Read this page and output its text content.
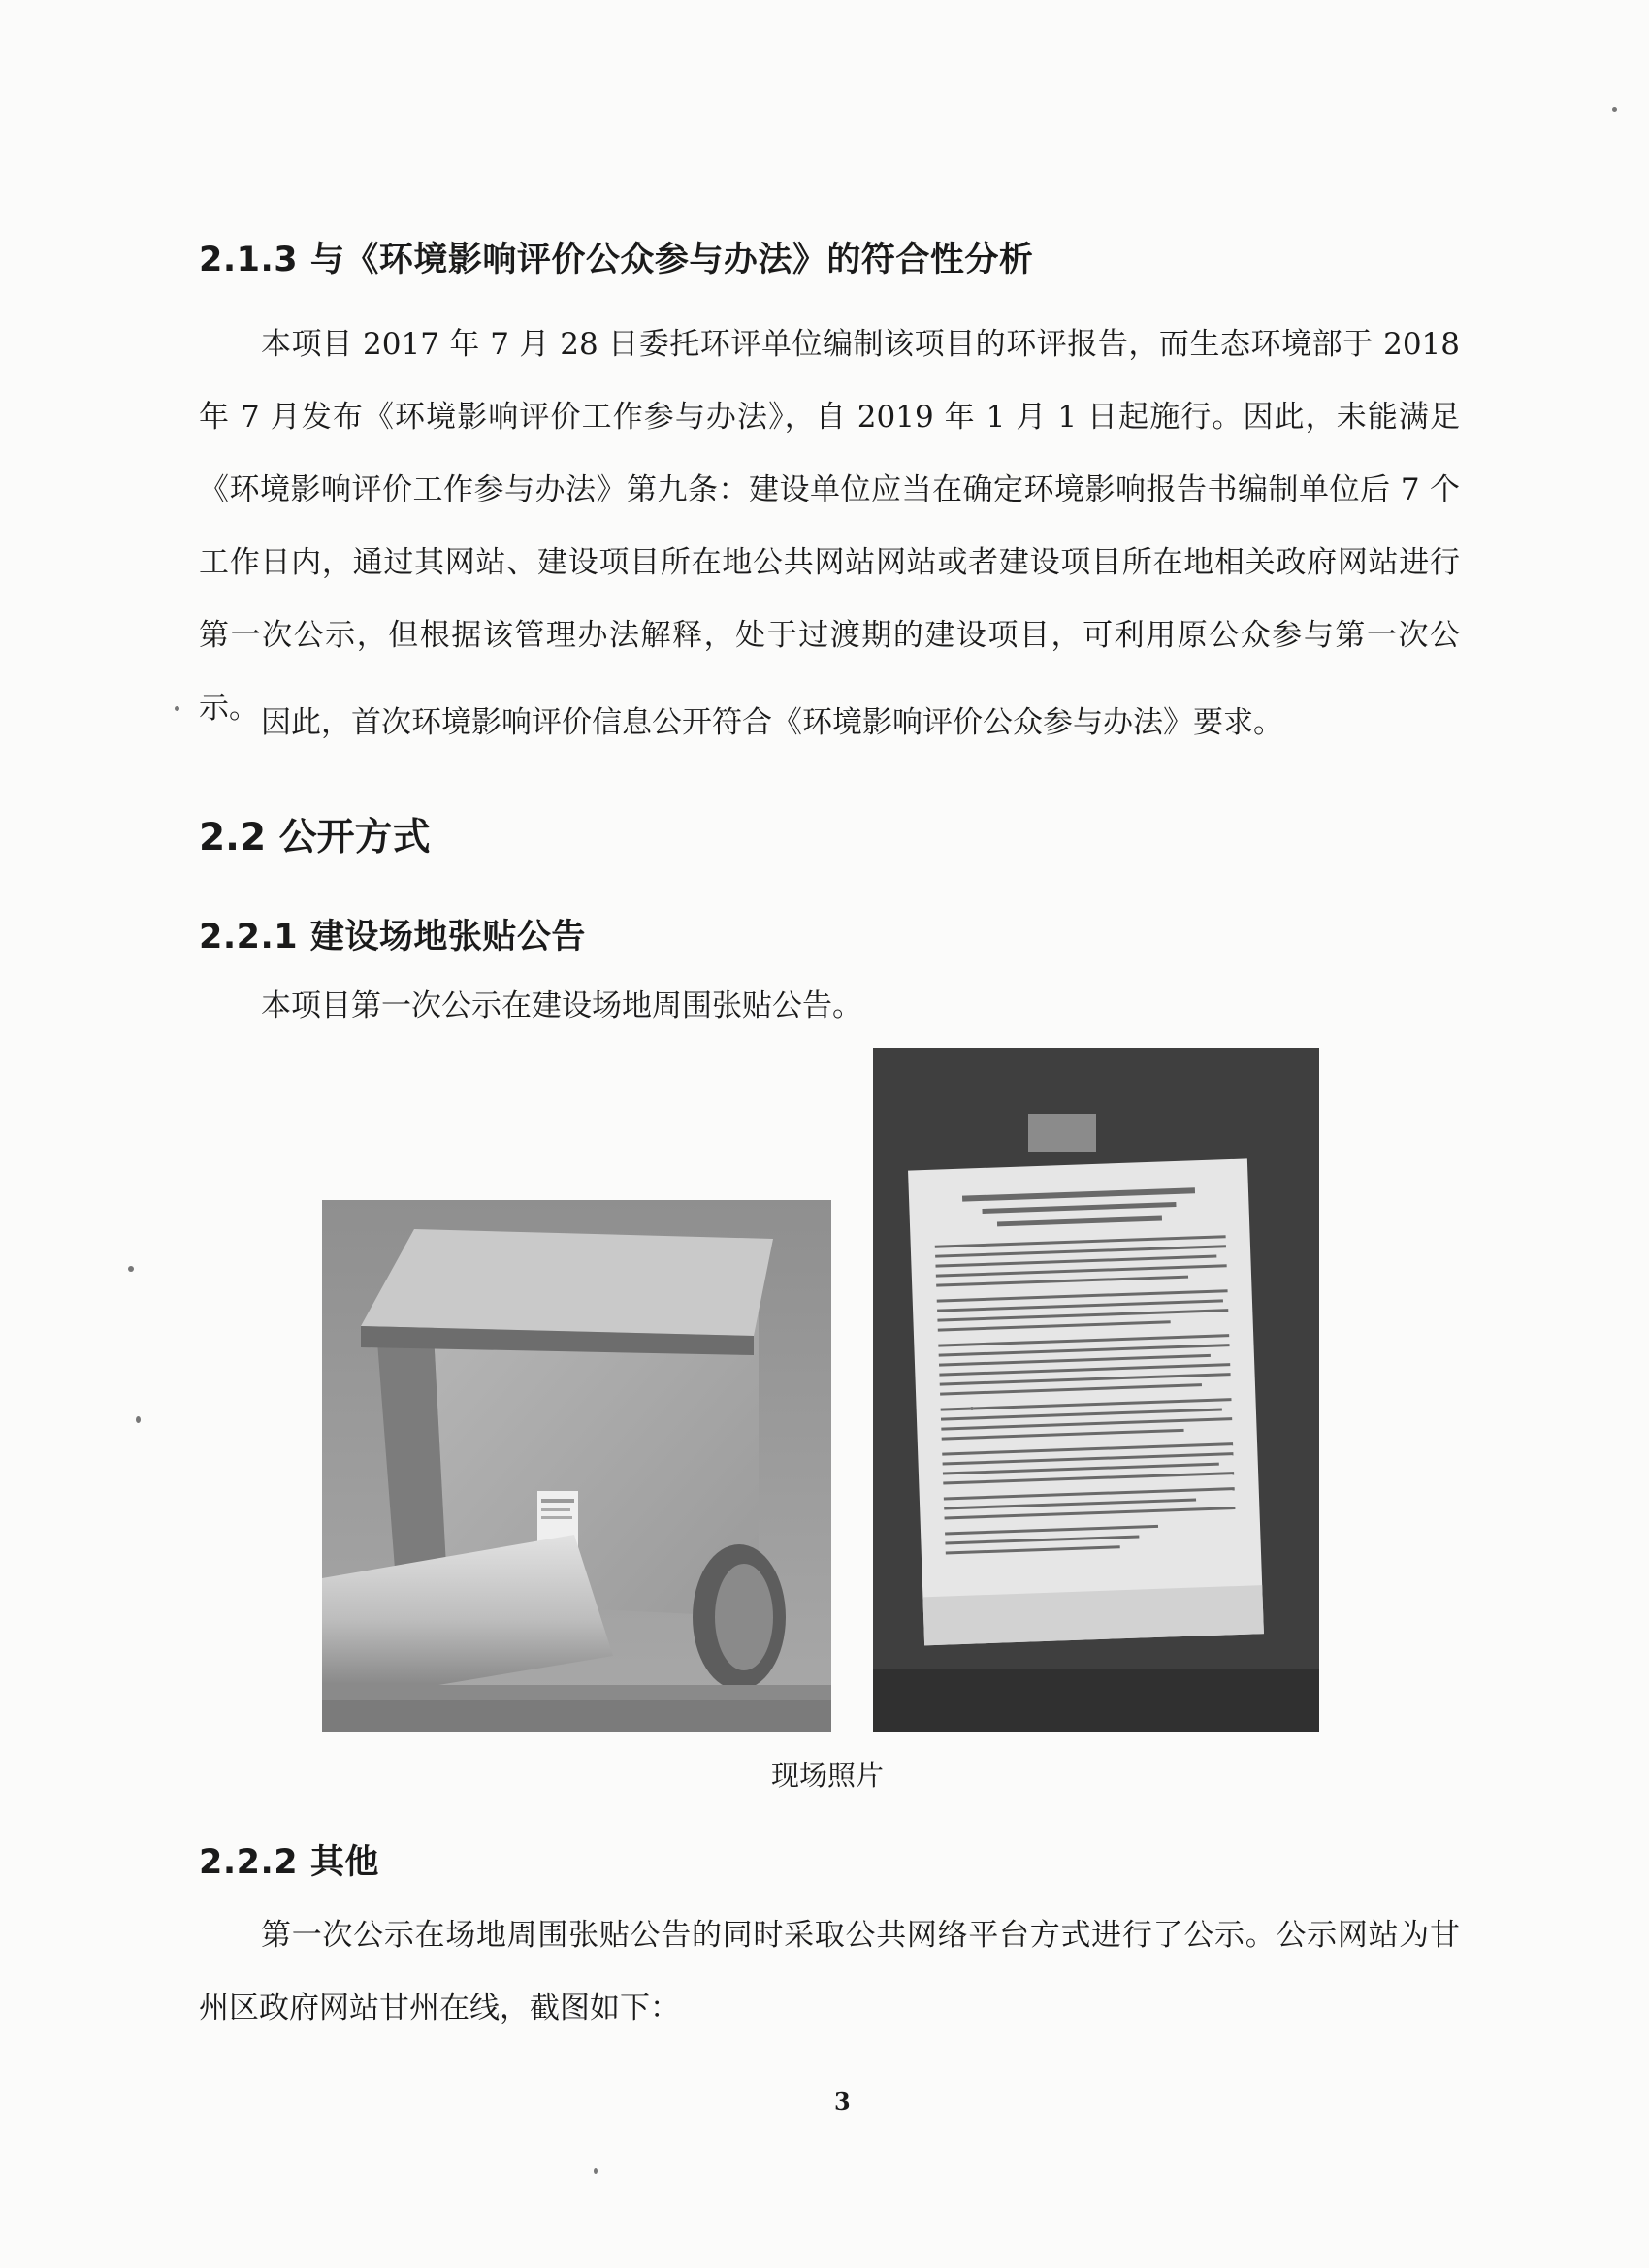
2.1.3 与《环境影响评价公众参与办法》的符合性分析
本项目 2017 年 7 月 28 日委托环评单位编制该项目的环评报告，而生态环境部于 2018 年 7 月发布《环境影响评价工作参与办法》，自 2019 年 1 月 1 日起施行。因此，未能满足《环境影响评价工作参与办法》第九条：建设单位应当在确定环境影响报告书编制单位后 7 个工作日内，通过其网站、建设项目所在地公共网站网站或者建设项目所在地相关政府网站进行第一次公示，但根据该管理办法解释，处于过渡期的建设项目，可利用原公众参与第一次公示。 因此，首次环境影响评价信息公开符合《环境影响评价公众参与办法》要求。
2.2 公开方式
2.2.1 建设场地张贴公告
本项目第一次公示在建设场地周围张贴公告。
现场照片
2.2.2 其他
第一次公示在场地周围张贴公告的同时采取公共网络平台方式进行了公示。公示网站为甘州区政府网站甘州在线，截图如下：
3
